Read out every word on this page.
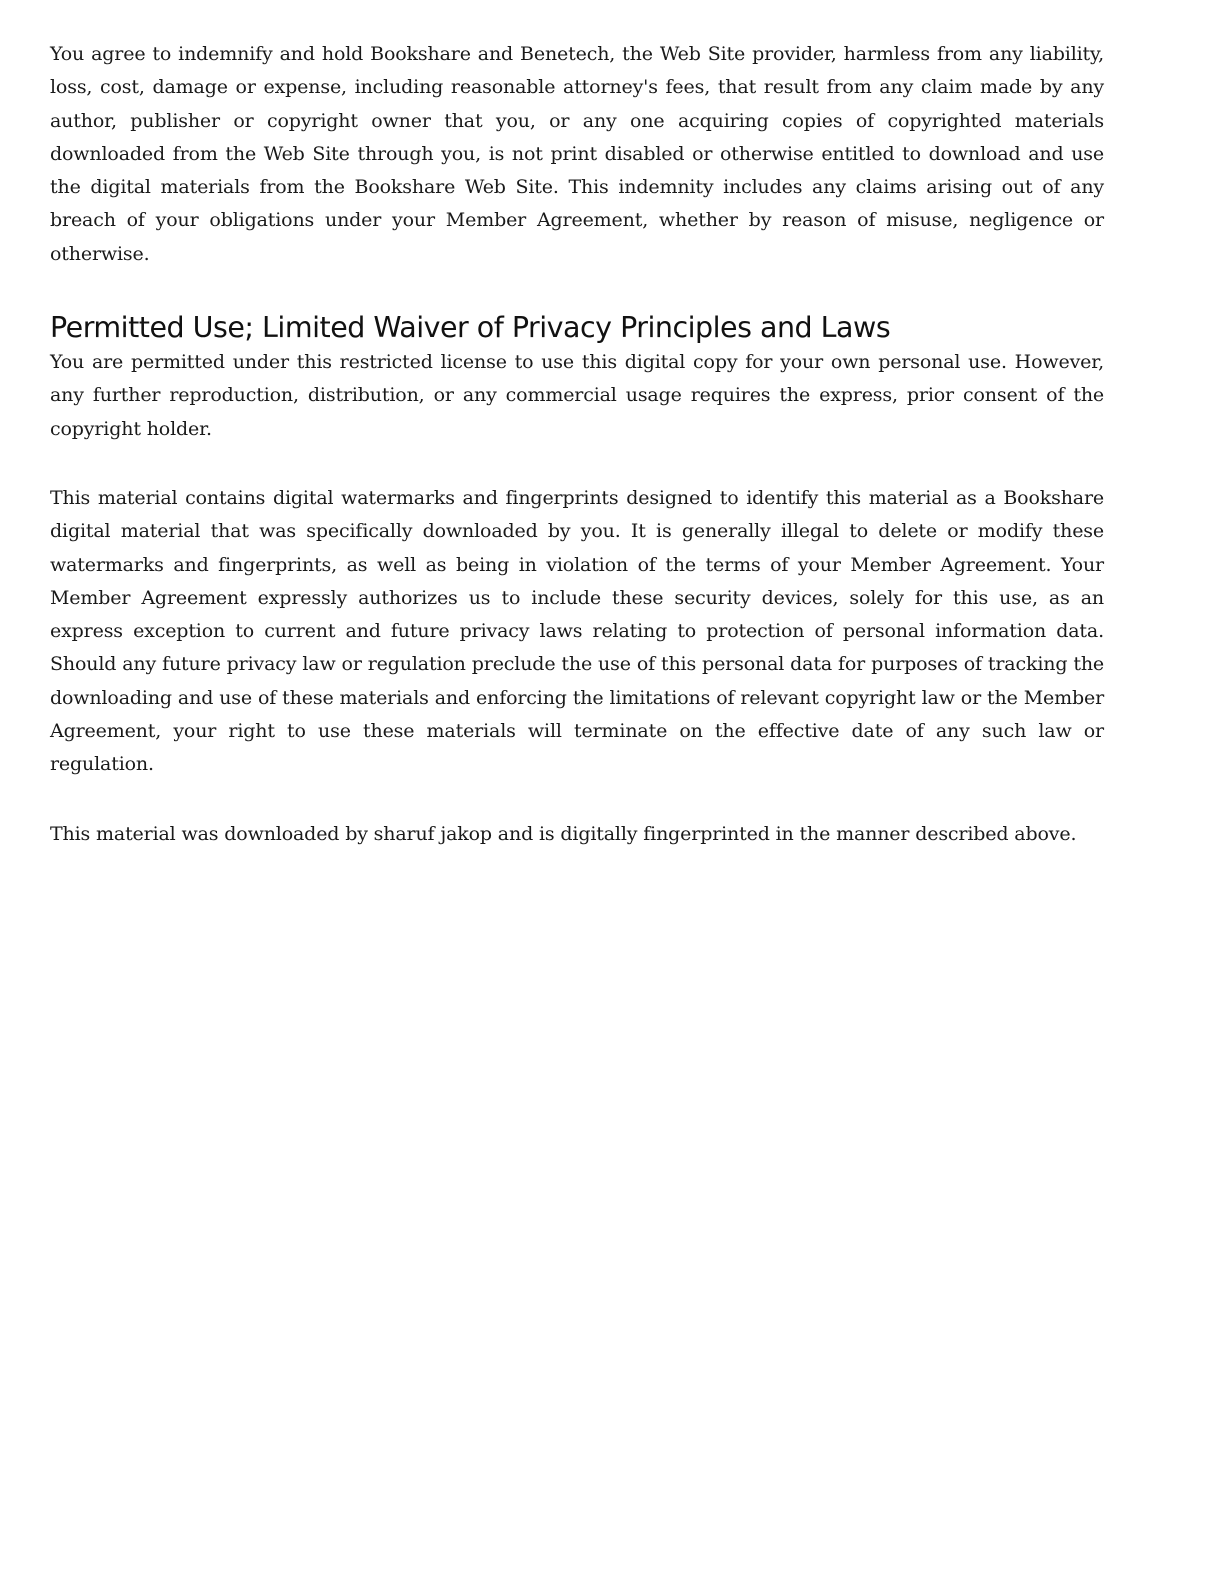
You agree to indemnify and hold Bookshare and Benetech, the Web Site provider, harmless from any liability, loss, cost, damage or expense, including reasonable attorney's fees, that result from any claim made by any author, publisher or copyright owner that you, or any one acquiring copies of copyrighted materials downloaded from the Web Site through you, is not print disabled or otherwise entitled to download and use the digital materials from the Bookshare Web Site. This indemnity includes any claims arising out of any breach of your obligations under your Member Agreement, whether by reason of misuse, negligence or otherwise.

Permitted Use; Limited Waiver of Privacy Principles and Laws

You are permitted under this restricted license to use this digital copy for your own personal use. However, any further reproduction, distribution, or any commercial usage requires the express, prior consent of the copyright holder.

This material contains digital watermarks and fingerprints designed to identify this material as a Bookshare digital material that was specifically downloaded by you. It is generally illegal to delete or modify these watermarks and fingerprints, as well as being in violation of the terms of your Member Agreement. Your Member Agreement expressly authorizes us to include these security devices, solely for this use, as an express exception to current and future privacy laws relating to protection of personal information data. Should any future privacy law or regulation preclude the use of this personal data for purposes of tracking the downloading and use of these materials and enforcing the limitations of relevant copyright law or the Member Agreement, your right to use these materials will terminate on the effective date of any such law or regulation.

This material was downloaded by sharuf jakop and is digitally fingerprinted in the manner described above.
